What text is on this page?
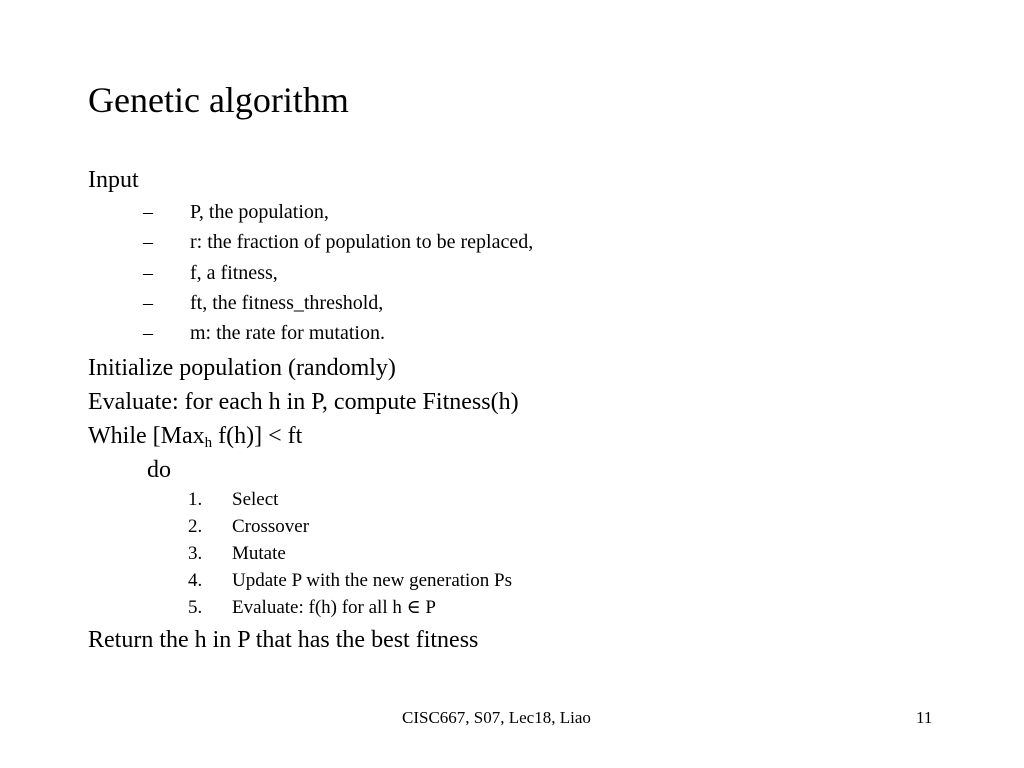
Genetic algorithm
Input
– P, the population,
– r: the fraction of population to be replaced,
– f, a fitness,
– ft, the fitness_threshold,
– m: the rate for mutation.
Initialize population (randomly)
Evaluate: for each h in P, compute Fitness(h)
While [Max$_h$ f(h)] < ft
do
1. Select
2. Crossover
3. Mutate
4. Update P with the new generation Ps
5. Evaluate: f(h) for all h ∈ P
Return the h in P that has the best fitness
CISC667, S07, Lec18, Liao	11
